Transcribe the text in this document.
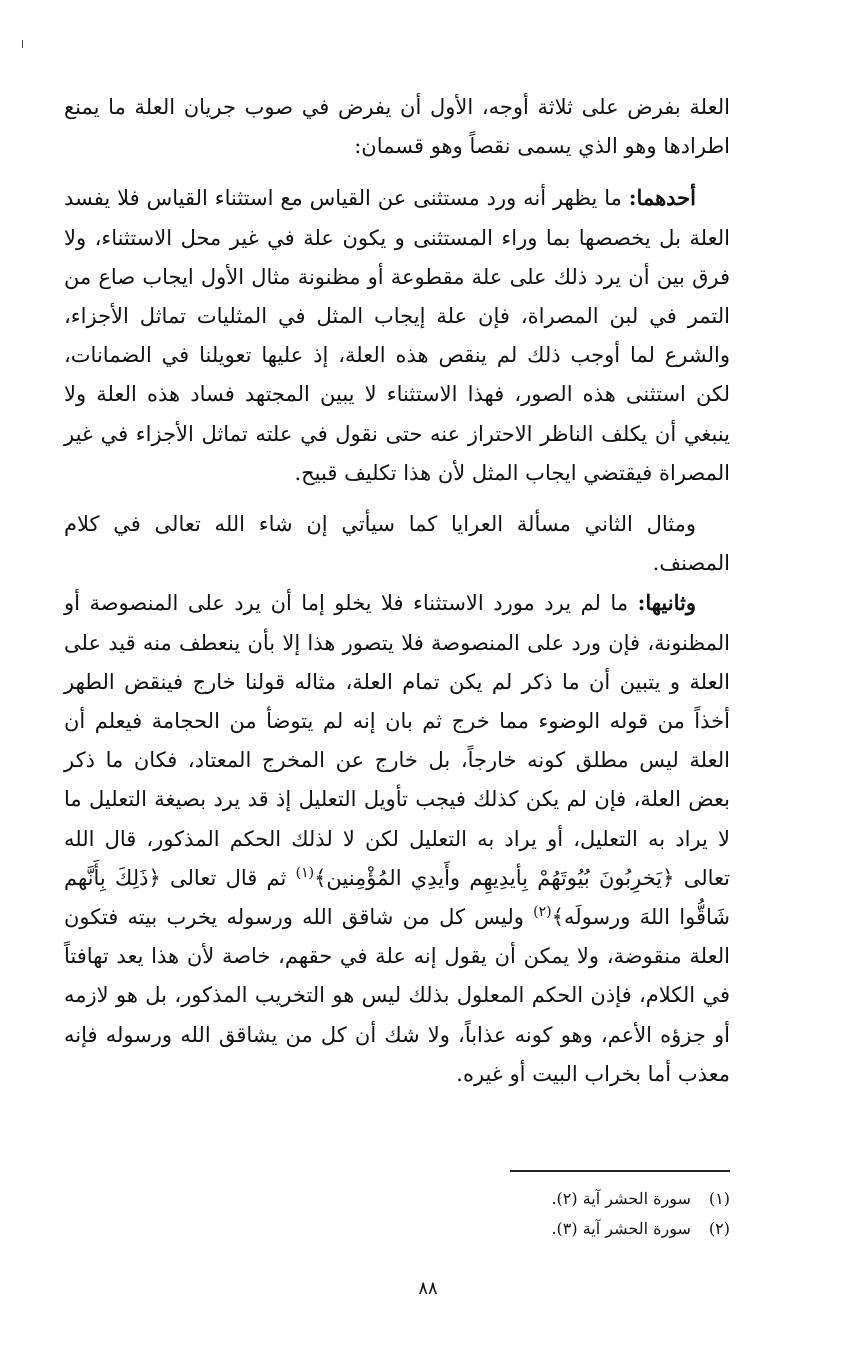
العلة بفرض على ثلاثة أوجه، الأول أن يفرض في صوب جريان العلة ما يمنع اطرادها وهو الذي يسمى نقصاً وهو قسمان:

أحدهما: ما يظهر أنه ورد مستثنى عن القياس مع استثناء القياس فلا يفسد العلة بل يخصصها بما وراء المستثنى و يكون علة في غير محل الاستثناء، ولا فرق بين أن يرد ذلك على علة مقطوعة أو مظنونة مثال الأول ايجاب صاع من التمر في لبن المصراة، فإن علة إيجاب المثل في المثليات تماثل الأجزاء، والشرع لما أوجب ذلك لم ينقص هذه العلة، إذ عليها تعويلنا في الضمانات، لكن استثنى هذه الصور، فهذا الاستثناء لا يبين المجتهد فساد هذه العلة ولا ينبغي أن يكلف الناظر الاحتراز عنه حتى نقول في علته تماثل الأجزاء في غير المصراة فيقتضي ايجاب المثل لأن هذا تكليف قبيح.

ومثال الثاني مسألة العرايا كما سيأتي إن شاء الله تعالى في كلام المصنف.

وثانيها: ما لم يرد مورد الاستثناء فلا يخلو إما أن يرد على المنصوصة أو المظنونة، فإن ورد على المنصوصة فلا يتصور هذا إلا بأن ينعطف منه قيد على العلة و يتبين أن ما ذكر لم يكن تمام العلة، مثاله قولنا خارج فينقض الطهر أخذاً من قوله الوضوء مما خرج ثم بان إنه لم يتوضأ من الحجامة فيعلم أن العلة ليس مطلق كونه خارجاً، بل خارج عن المخرج المعتاد، فكان ما ذكر بعض العلة، فإن لم يكن كذلك فيجب تأويل التعليل إذ قد يرد بصيغة التعليل ما لا يراد به التعليل، أو يراد به التعليل لكن لا لذلك الحكم المذكور، قال الله تعالى ﴿يَخرِبُونَ بُيُوتَهُمْ بِأيدِيهِم وأَيدِي المُؤْمِنين﴾$^{(١)}$ ثم قال تعالى ﴿ذَلِكَ بِأَنَّهم شَاقُّوا اللهَ ورسولَه﴾$^{(٢)}$ وليس كل من شاقق الله ورسوله يخرب بيته فتكون العلة منقوضة، ولا يمكن أن يقول إنه علة في حقهم، خاصة لأن هذا يعد تهافتاً في الكلام، فإذن الحكم المعلول بذلك ليس هو التخريب المذكور، بل هو لازمه أو جزؤه الأعم، وهو كونه عذاباً، ولا شك أن كل من يشاقق الله ورسوله فإنه معذب أما بخراب البيت أو غيره.

(١)
سورة الحشر آية (٢).
(٢)
سورة الحشر آية (٣).
٨٨
